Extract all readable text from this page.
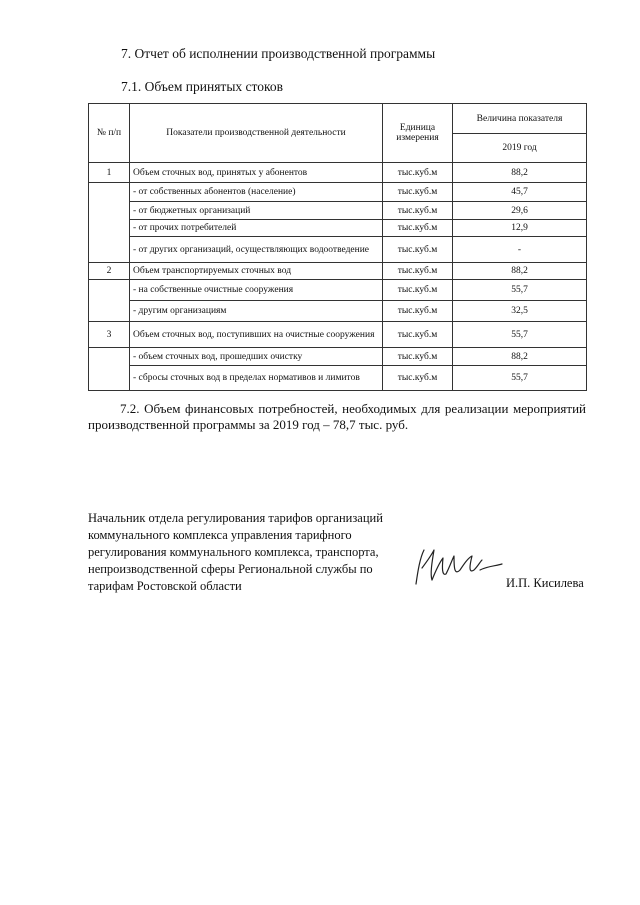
7. Отчет об исполнении производственной программы
7.1. Объем принятых стоков
№ п/п	Показатели производственной деятельности	Единица измерения	Величина показателя
			2019 год
1	Объем сточных вод, принятых у абонентов	тыс.куб.м	88,2
	- от собственных абонентов (население)	тыс.куб.м	45,7
	- от бюджетных организаций	тыс.куб.м	29,6
	- от прочих потребителей	тыс.куб.м	12,9
	- от других организаций, осуществляющих водоотведение	тыс.куб.м	-
2	Объем транспортируемых сточных вод	тыс.куб.м	88,2
	- на собственные очистные сооружения	тыс.куб.м	55,7
	- другим организациям	тыс.куб.м	32,5
3	Объем сточных вод, поступивших на очистные сооружения	тыс.куб.м	55,7
	- объем сточных вод, прошедших очистку	тыс.куб.м	88,2
	- сбросы сточных вод в пределах нормативов и лимитов	тыс.куб.м	55,7
7.2. Объем финансовых потребностей, необходимых для реализации мероприятий производственной программы за 2019 год – 78,7 тыс. руб.
Начальник отдела регулирования тарифов организаций
коммунального комплекса управления тарифного
регулирования коммунального комплекса, транспорта,
непроизводственной сферы Региональной службы по
тарифам Ростовской области	И.П. Кисилева
